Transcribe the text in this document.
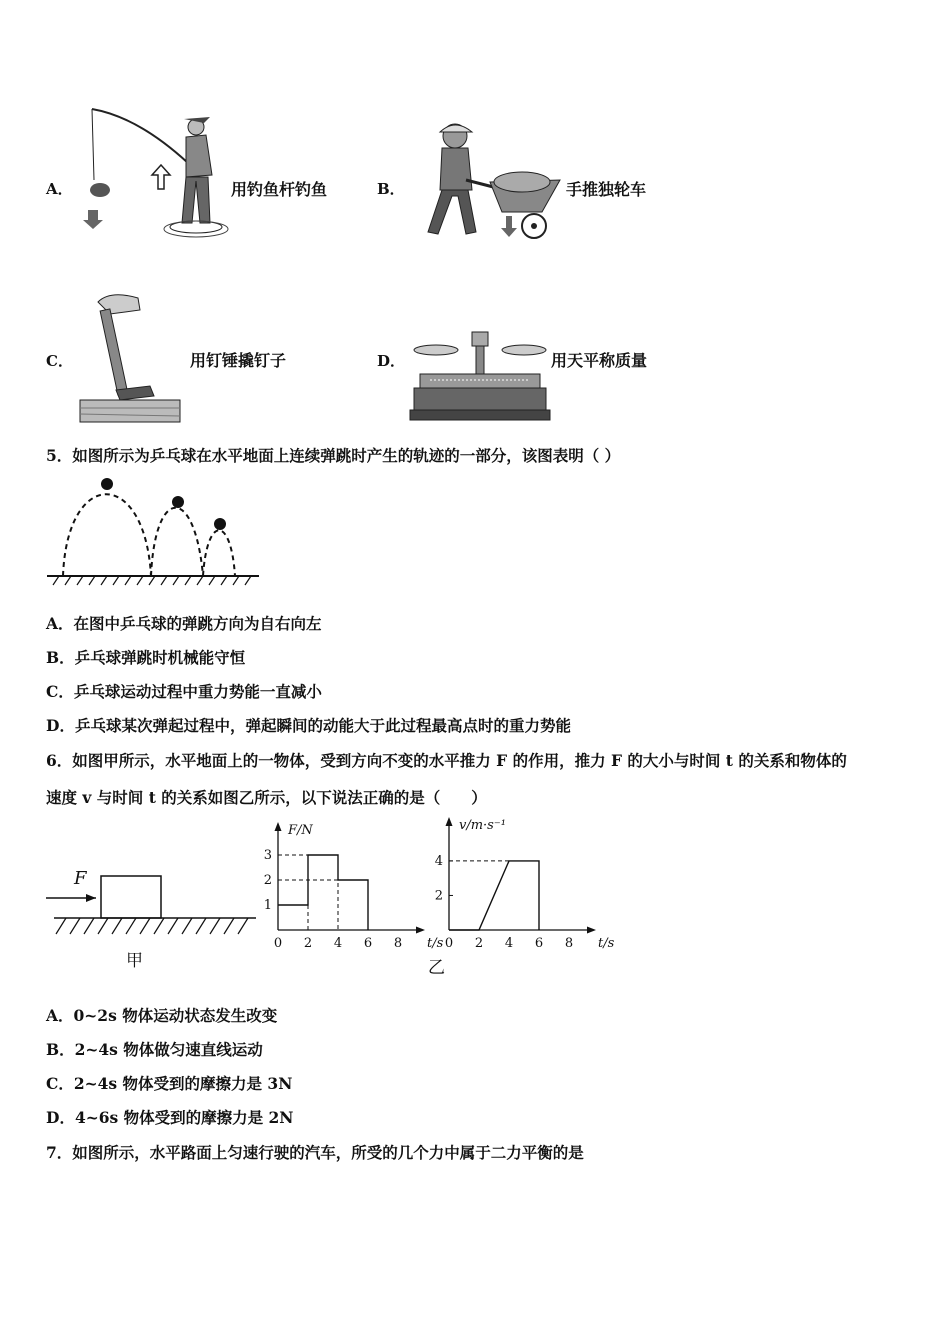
A．	用钓鱼杆钓鱼	B．	手推独轮车
C．	用钉锤撬钉子	D．	用天平称质量
5．如图所示为乒乓球在水平地面上连续弹跳时产生的轨迹的一部分，该图表明（ ）
A．在图中乒乓球的弹跳方向为自右向左
B．乒乓球弹跳时机械能守恒
C．乒乓球运动过程中重力势能一直减小
D．乒乓球某次弹起过程中，弹起瞬间的动能大于此过程最高点时的重力势能
6．如图甲所示，水平地面上的一物体，受到方向不变的水平推力 F 的作用，推力 F 的大小与时间 t 的关系和物体的
速度 v 与时间 t 的关系如图乙所示，以下说法正确的是（　　）
F
甲
0 2 4 6 8
1
2
3
t/s
F/N
0 2 4 6 8
2
4
t/s
v/m·s⁻¹
乙
A．0~2s 物体运动状态发生改变
B．2~4s 物体做匀速直线运动
C．2~4s 物体受到的摩擦力是 3N
D．4~6s 物体受到的摩擦力是 2N
7．如图所示，水平路面上匀速行驶的汽车，所受的几个力中属于二力平衡的是
